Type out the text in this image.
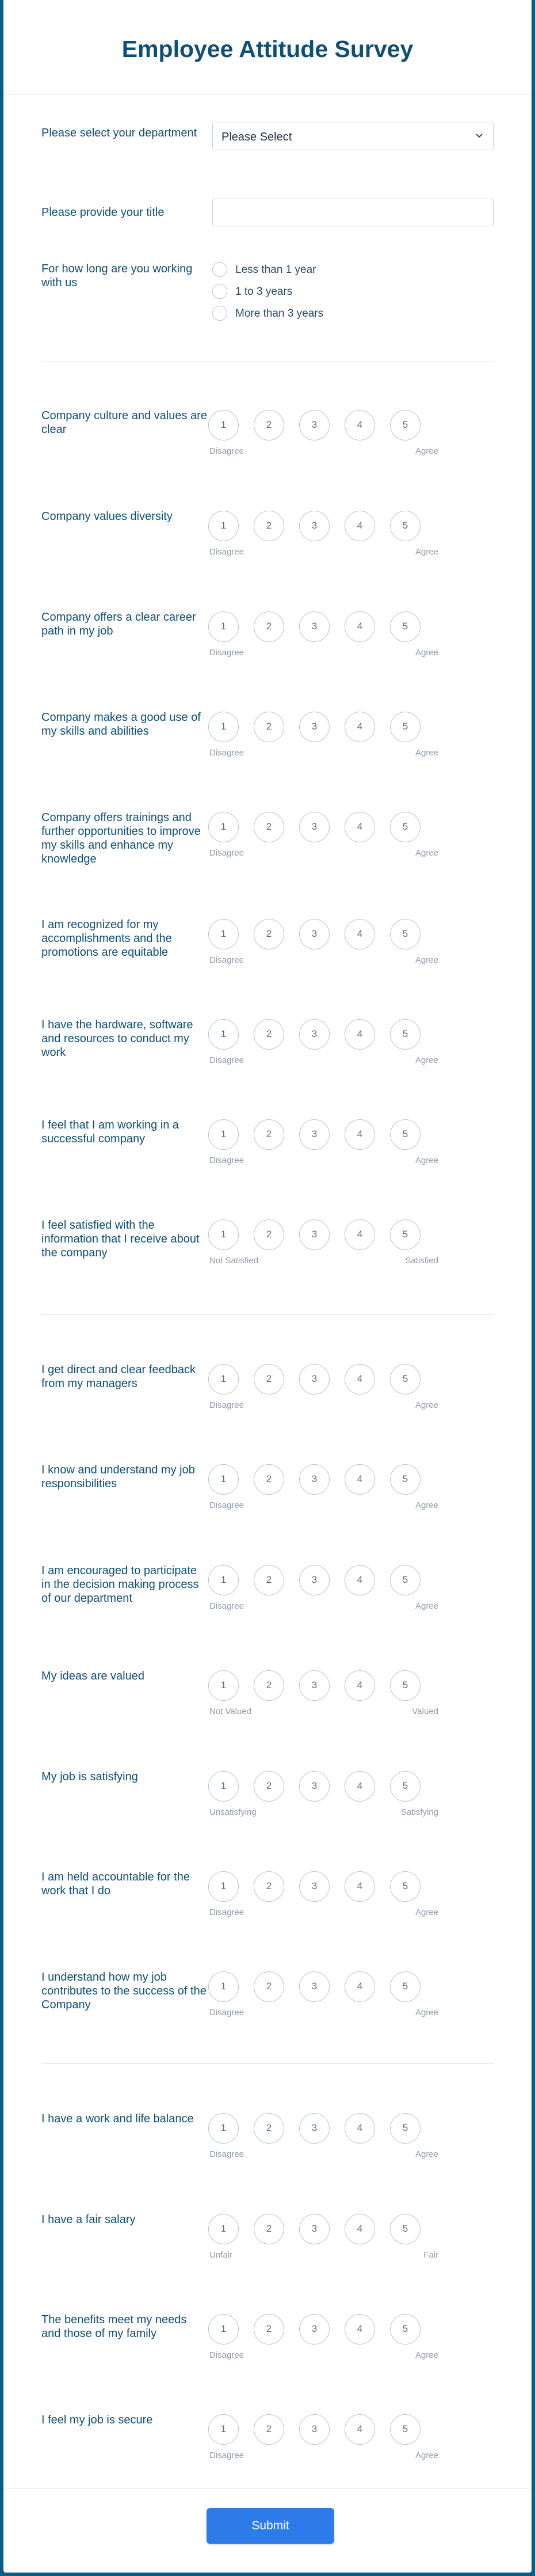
Employee Attitude Survey
Please select your department	Please Select
Please provide your title
For how long are you working with us
Less than 1 year
1 to 3 years
More than 3 years
Company culture and values are clear	1	2	3	4	5
Disagree	Agree
Company values diversity
1	2	3	4	5
Disagree	Agree
Company offers a clear career path in my job	1	2	3	4	5
Disagree	Agree
Company makes a good use of my skills and abilities	1	2	3	4	5
Disagree	Agree
Company offers trainings and further opportunities to improve my skills and enhance my knowledge
1	2	3	4	5
Disagree	Agree
I am recognized for my accomplishments and the promotions are equitable
1	2	3	4	5
Disagree	Agree
I have the hardware, software and resources to conduct my work
1	2	3	4	5
Disagree	Agree
I feel that I am working in a successful company	1	2	3	4	5
Disagree	Agree
I feel satisfied with the information that I receive about the company
1	2	3	4	5
Not Satisfied	Satisfied
I get direct and clear feedback from my managers	1	2	3	4	5
Disagree	Agree
I know and understand my job responsibilities	1	2	3	4	5
Disagree	Agree
I am encouraged to participate in the decision making process of our department
1	2	3	4	5
Disagree	Agree
My ideas are valued
1	2	3	4	5
Not Valued	Valued
My job is satisfying
1	2	3	4	5
Unsatisfying	Satisfying
I am held accountable for the work that I do	1	2	3	4	5
Disagree	Agree
I understand how my job contributes to the success of the Company
1	2	3	4	5
Disagree	Agree
I have a work and life balance
1	2	3	4	5
Disagree	Agree
I have a fair salary
1	2	3	4	5
Unfair	Fair
The benefits meet my needs and those of my family	1	2	3	4	5
Disagree	Agree
I feel my job is secure
1	2	3	4	5
Disagree	Agree
Submit
